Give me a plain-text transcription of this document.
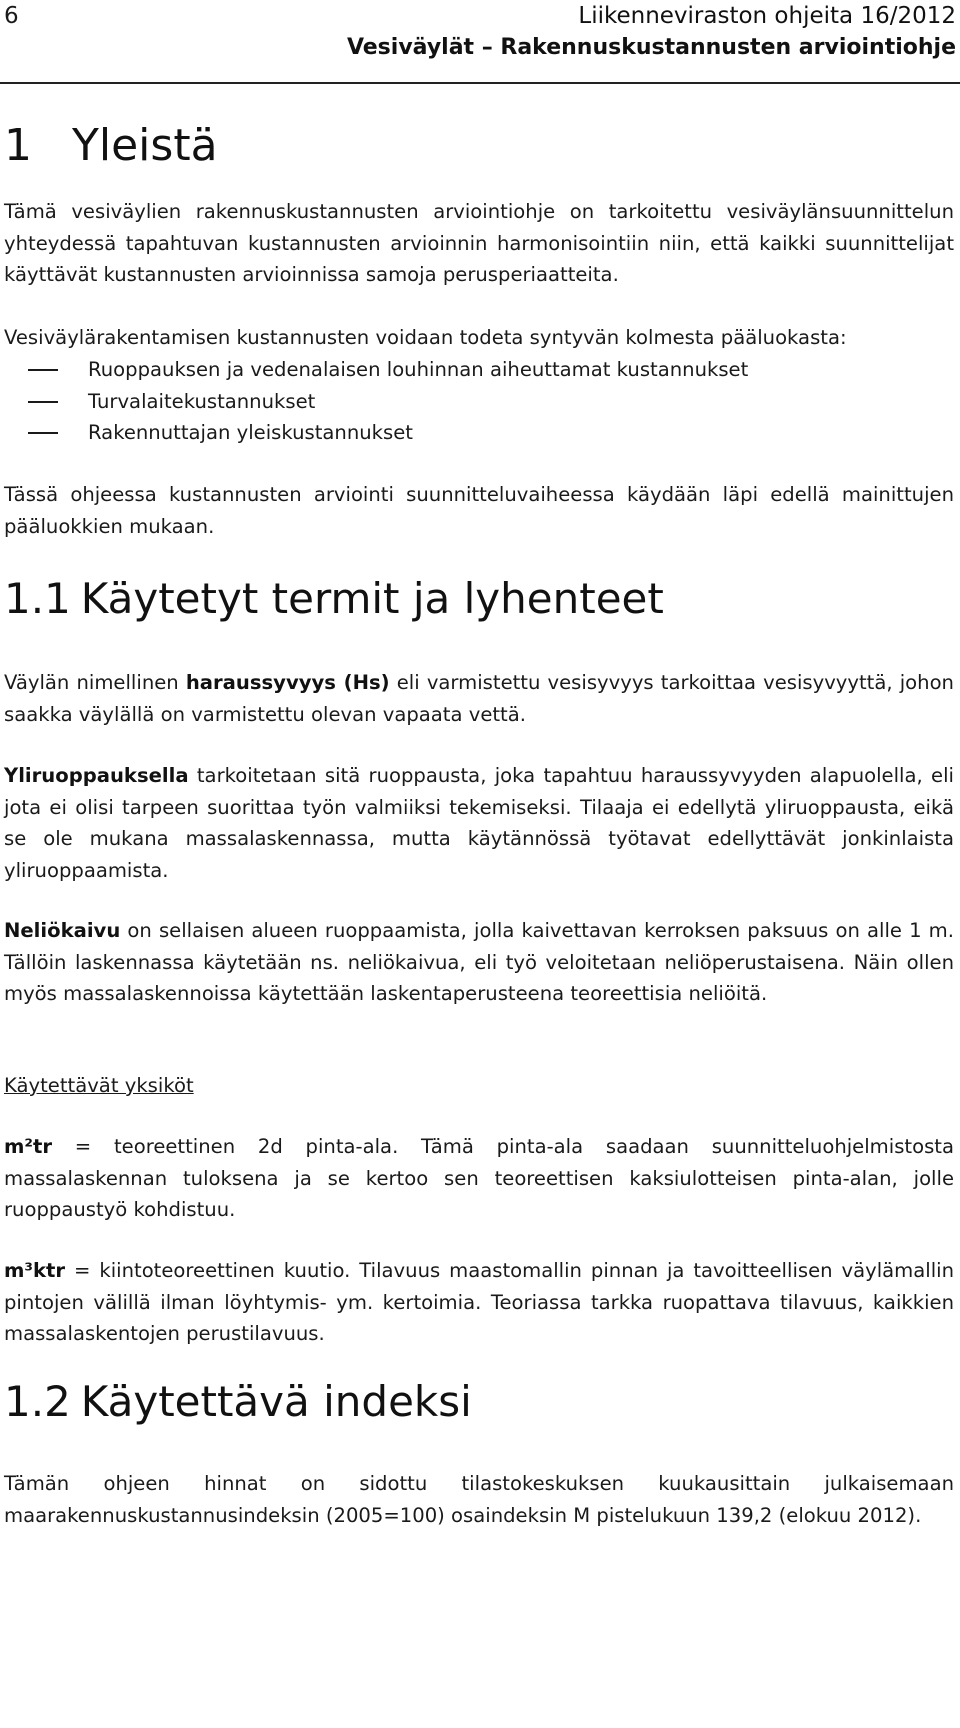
6	Liikenneviraston ohjeita 16/2012
Vesiväylät – Rakennuskustannusten arviointiohje
1 Yleistä

Tämä vesiväylien rakennuskustannusten arviointiohje on tarkoitettu vesiväylänsuunnittelun yhteydessä tapahtuvan kustannusten arvioinnin harmonisointiin niin, että kaikki suunnittelijat käyttävät kustannusten arvioinnissa samoja perusperiaatteita.

Vesiväylärakentamisen kustannusten voidaan todeta syntyvän kolmesta pääluokasta:

Ruoppauksen ja vedenalaisen louhinnan aiheuttamat kustannukset
Turvalaitekustannukset
Rakennuttajan yleiskustannukset

Tässä ohjeessa kustannusten arviointi suunnitteluvaiheessa käydään läpi edellä mainittujen pääluokkien mukaan.

1.1 Käytetyt termit ja lyhenteet

Väylän nimellinen haraussyvyys (Hs) eli varmistettu vesisyvyys tarkoittaa vesisyvyyttä, johon saakka väylällä on varmistettu olevan vapaata vettä.

Yliruoppauksella tarkoitetaan sitä ruoppausta, joka tapahtuu haraussyvyyden alapuolella, eli jota ei olisi tarpeen suorittaa työn valmiiksi tekemiseksi. Tilaaja ei edellytä yliruoppausta, eikä se ole mukana massalaskennassa, mutta käytännössä työtavat edellyttävät jonkinlaista yliruoppaamista.

Neliökaivu on sellaisen alueen ruoppaamista, jolla kaivettavan kerroksen paksuus on alle 1 m. Tällöin laskennassa käytetään ns. neliökaivua, eli työ veloitetaan neliöperustaisena. Näin ollen myös massalaskennoissa käytettään laskentaperusteena teoreettisia neliöitä.

Käytettävät yksiköt

m²tr = teoreettinen 2d pinta-ala. Tämä pinta-ala saadaan suunnitteluohjelmistosta massalaskennan tuloksena ja se kertoo sen teoreettisen kaksiulotteisen pinta-alan, jolle ruoppaustyö kohdistuu.

m³ktr = kiintoteoreettinen kuutio. Tilavuus maastomallin pinnan ja tavoitteellisen väylämallin pintojen välillä ilman löyhtymis- ym. kertoimia. Teoriassa tarkka ruopattava tilavuus, kaikkien massalaskentojen perustilavuus.

1.2 Käytettävä indeksi

Tämän ohjeen hinnat on sidottu tilastokeskuksen kuukausittain julkaisemaan maarakennuskustannusindeksin (2005=100) osaindeksin M pistelukuun 139,2 (elokuu 2012).
